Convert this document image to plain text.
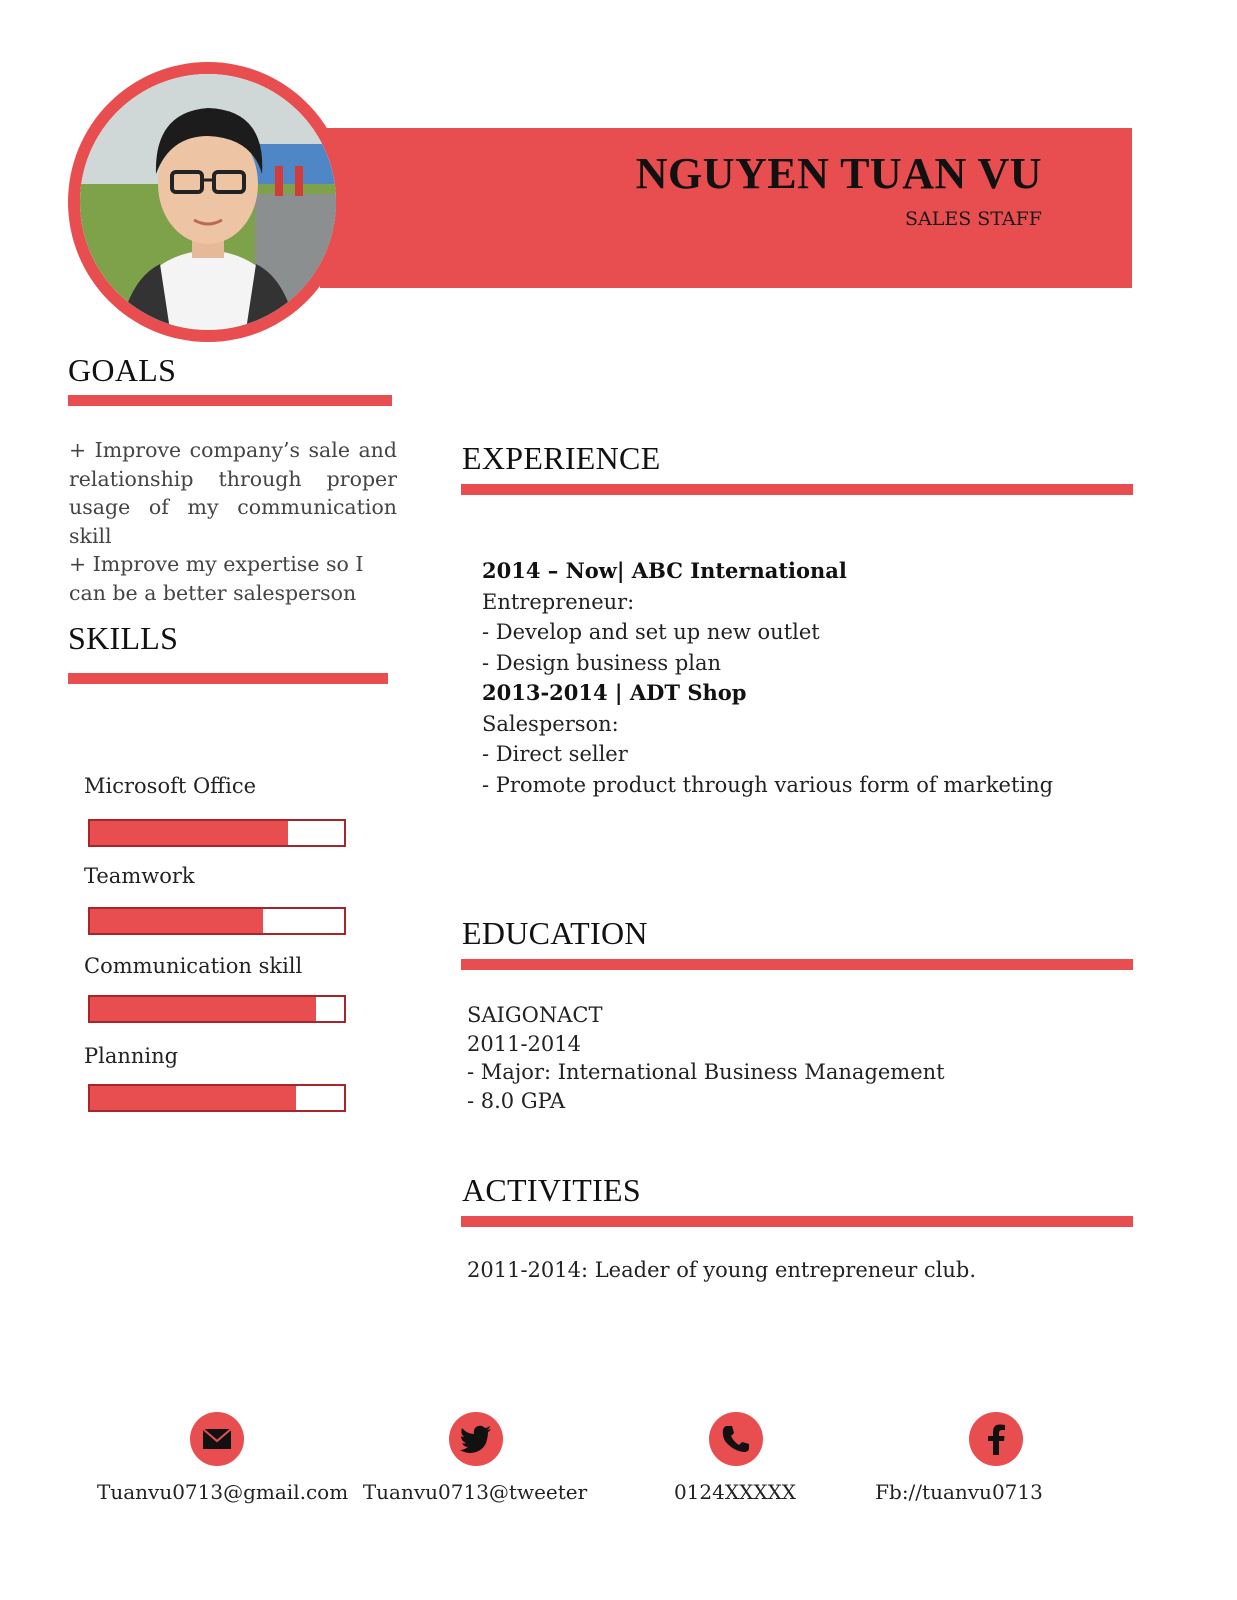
NGUYEN TUAN VU
SALES STAFF
GOALS
+ Improve company’s sale and relationship through proper usage of my communication skill
+ Improve my expertise so I can be a better salesperson
SKILLS
Microsoft Office
Teamwork
Communication skill
Planning
EXPERIENCE
2014 – Now| ABC International
Entrepreneur:
- Develop and set up new outlet
- Design business plan
2013-2014 | ADT Shop
Salesperson:
- Direct seller
- Promote product through various form of marketing
EDUCATION
SAIGONACT
2011-2014
- Major: International Business Management
- 8.0 GPA
ACTIVITIES
2011-2014: Leader of young entrepreneur club.
Tuanvu0713@gmail.com Tuanvu0713@tweeter	0124XXXXX	Fb://tuanvu0713
